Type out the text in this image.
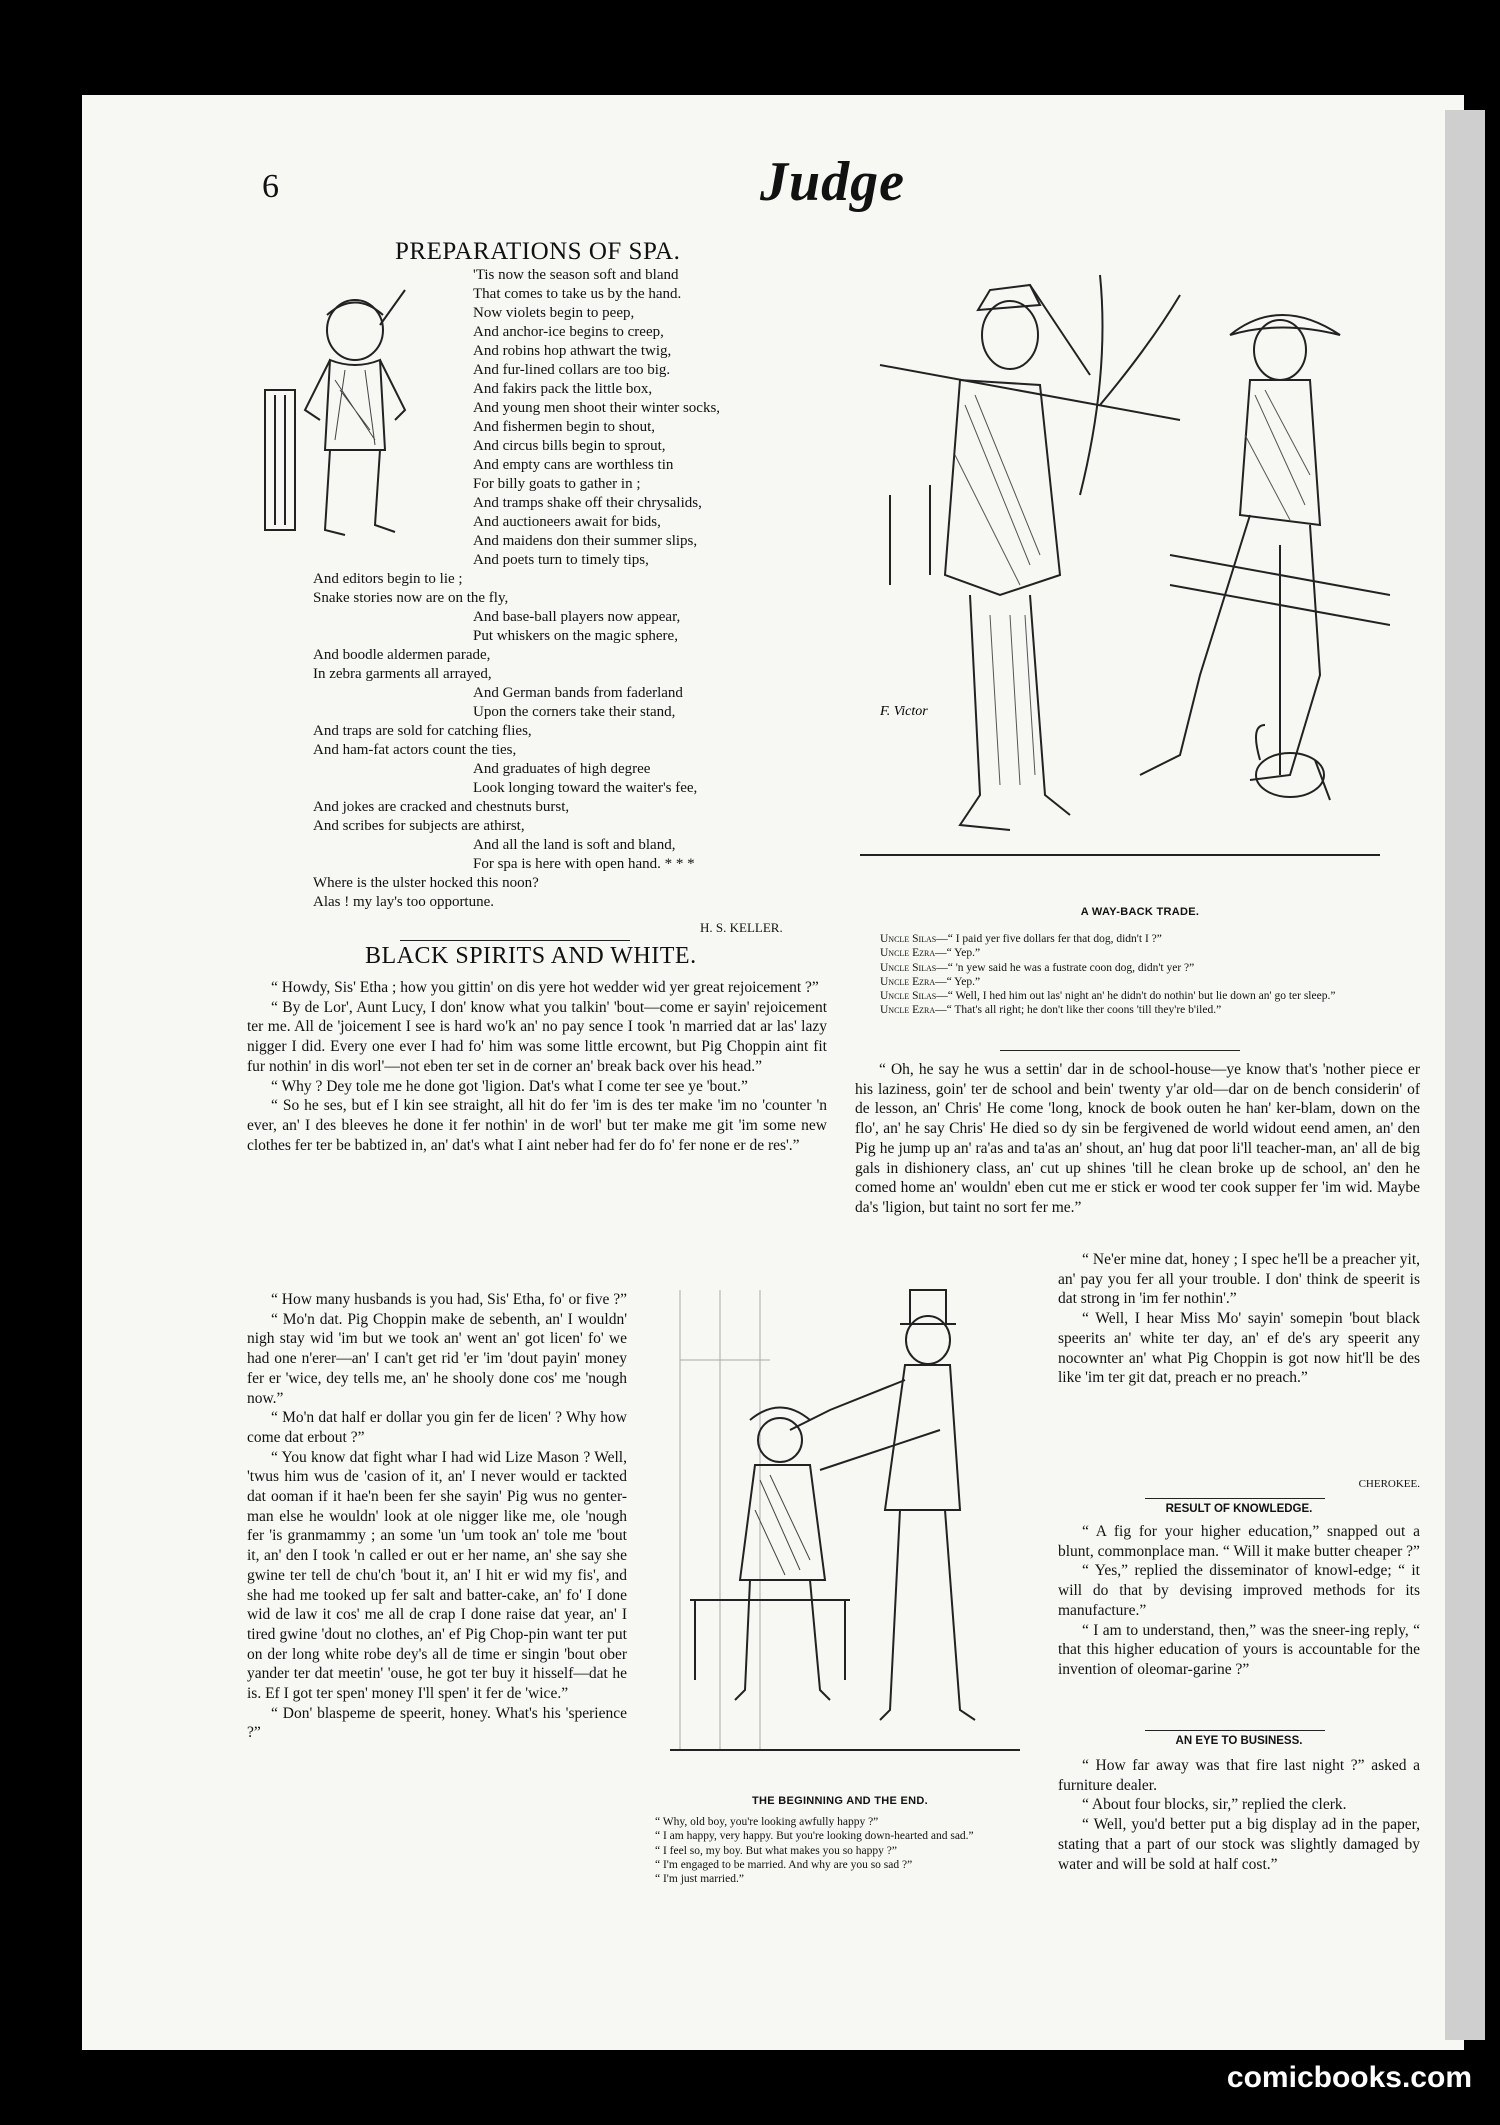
6	Judge
PREPARATIONS OF SPA.
'Tis now the season soft and bland
That comes to take us by the hand.
Now violets begin to peep,
And anchor-ice begins to creep,
And robins hop athwart the twig,
And fur-lined collars are too big.
And fakirs pack the little box,
And young men shoot their winter socks,
And fishermen begin to shout,
And circus bills begin to sprout,
And empty cans are worthless tin
For billy goats to gather in ;
And tramps shake off their chrysalids,
And auctioneers await for bids,
And maidens don their summer slips,
And poets turn to timely tips,
And editors begin to lie ;
Snake stories now are on the fly,
And base-ball players now appear,
Put whiskers on the magic sphere,
And boodle aldermen parade,
In zebra garments all arrayed,
And German bands from faderland
Upon the corners take their stand,
And traps are sold for catching flies,
And ham-fat actors count the ties,
And graduates of high degree
Look longing toward the waiter's fee,
And jokes are cracked and chestnuts burst,
And scribes for subjects are athirst,
And all the land is soft and bland,
For spa is here with open hand. * * *
Where is the ulster hocked this noon?
Alas ! my lay's too opportune.
H. S. KELLER.
BLACK SPIRITS AND WHITE.

“ Howdy, Sis' Etha ; how you gittin' on dis yere hot wedder wid yer great rejoicement ?”

“ By de Lor', Aunt Lucy, I don' know what you talkin' 'bout—come er sayin' rejoicement ter me. All de 'joicement I see is hard wo'k an' no pay sence I took 'n married dat ar las' lazy nigger I did. Every one ever I had fo' him was some little ercownt, but Pig Choppin aint fit fur nothin' in dis worl'—not eben ter set in de corner an' break back over his head.”

“ Why ? Dey tole me he done got 'ligion. Dat's what I come ter see ye 'bout.”

“ So he ses, but ef I kin see straight, all hit do fer 'im is des ter make 'im no 'counter 'n ever, an' I des bleeves he done it fer nothin' in de worl' but ter make me git 'im some new clothes fer ter be babtized in, an' dat's what I aint neber had fer do fo' fer none er de res'.”

“ How many husbands is you had, Sis' Etha, fo' or five ?”

“ Mo'n dat. Pig Choppin make de sebenth, an' I wouldn' nigh stay wid 'im but we took an' went an' got licen' fo' we had one n'erer—an' I can't get rid 'er 'im 'dout payin' money fer er 'wice, dey tells me, an' he shooly done cos' me 'nough now.”

“ Mo'n dat half er dollar you gin fer de licen' ? Why how come dat erbout ?”

“ You know dat fight whar I had wid Lize Mason ? Well, 'twus him wus de 'casion of it, an' I never would er tackted dat ooman if it hae'n been fer she sayin' Pig wus no genter-man else he wouldn' look at ole nigger like me, ole 'nough fer 'is granmammy ; an some 'un 'um took an' tole me 'bout it, an' den I took 'n called er out er her name, an' she say she gwine ter tell de chu'ch 'bout it, an' I hit er wid my fis', and she had me tooked up fer salt and batter-cake, an' fo' I done wid de law it cos' me all de crap I done raise dat year, an' I tired gwine 'dout no clothes, an' ef Pig Chop-pin want ter put on der long white robe dey's all de time er singin 'bout ober yander ter dat meetin' 'ouse, he got ter buy it hisself—dat he is. Ef I got ter spen' money I'll spen' it fer de 'wice.”

“ Don' blaspeme de speerit, honey. What's his 'sperience ?”

F. Victor
A WAY-BACK TRADE.
Uncle Silas—“ I paid yer five dollars fer that dog, didn't I ?”
Uncle Ezra—“ Yep.”
Uncle Silas—“ 'n yew said he was a fustrate coon dog, didn't yer ?”
Uncle Ezra—“ Yep.”
Uncle Silas—“ Well, I hed him out las' night an' he didn't do nothin' but lie down an' go ter sleep.”
Uncle Ezra—“ That's all right; he don't like ther coons 'till they're b'iled.”

“ Oh, he say he wus a settin' dar in de school-house—ye know that's 'nother piece er his laziness, goin' ter de school and bein' twenty y'ar old—dar on de bench considerin' of de lesson, an' Chris' He come 'long, knock de book outen he han' ker-blam, down on the flo', an' he say Chris' He died so dy sin be fergivened de world widout eend amen, an' den Pig he jump up an' ra'as and ta'as an' shout, an' hug dat poor li'll teacher-man, an' all de big gals in dishionery class, an' cut up shines 'till he clean broke up de school, an' den he comed home an' wouldn' eben cut me er stick er wood ter cook supper fer 'im wid. Maybe da's 'ligion, but taint no sort fer me.”

“ Ne'er mine dat, honey ; I spec he'll be a preacher yit, an' pay you fer all your trouble. I don' think de speerit is dat strong in 'im fer nothin'.”

“ Well, I hear Miss Mo' sayin' somepin 'bout black speerits an' white ter day, an' ef de's ary speerit any nocownter an' what Pig Choppin is got now hit'll be des like 'im ter git dat, preach er no preach.”

CHEROKEE.
THE BEGINNING AND THE END.
“ Why, old boy, you're looking awfully happy ?”
“ I am happy, very happy. But you're looking down-hearted and sad.”
“ I feel so, my boy. But what makes you so happy ?”
“ I'm engaged to be married. And why are you so sad ?”
“ I'm just married.”
RESULT OF KNOWLEDGE.

“ A fig for your higher education,” snapped out a blunt, commonplace man. “ Will it make butter cheaper ?”

“ Yes,” replied the disseminator of knowl-edge; “ it will do that by devising improved methods for its manufacture.”

“ I am to understand, then,” was the sneer-ing reply, “ that this higher education of yours is accountable for the invention of oleomar-garine ?”

AN EYE TO BUSINESS.

“ How far away was that fire last night ?” asked a furniture dealer.

“ About four blocks, sir,” replied the clerk.

“ Well, you'd better put a big display ad in the paper, stating that a part of our stock was slightly damaged by water and will be sold at half cost.”

comicbooks.com
